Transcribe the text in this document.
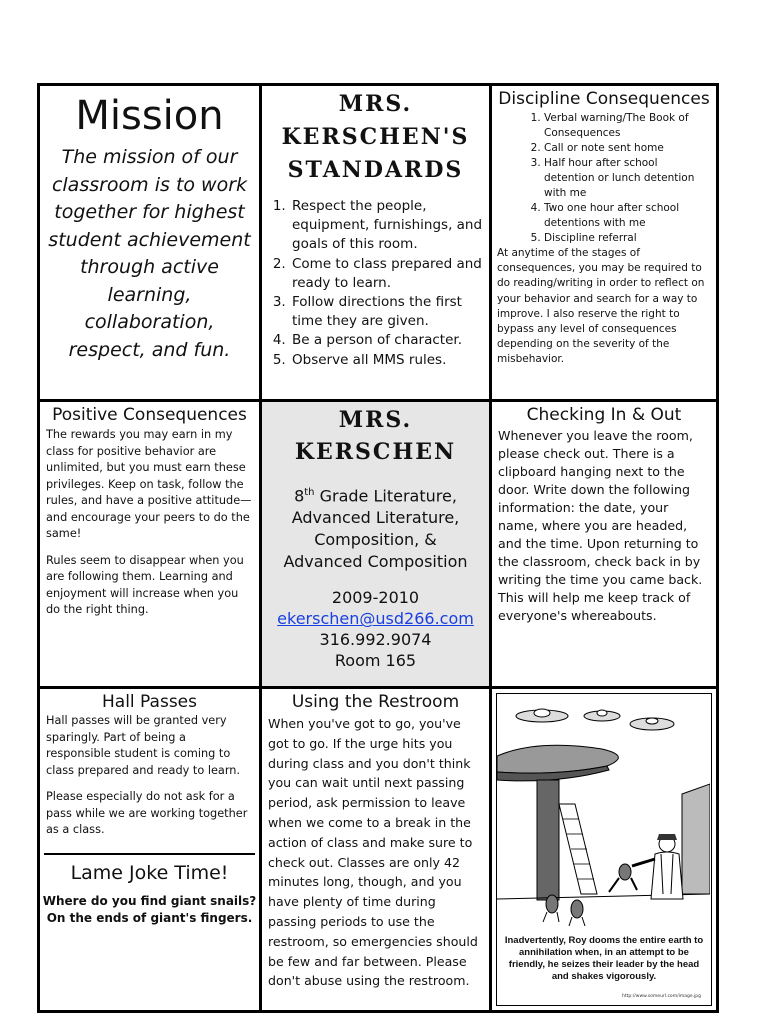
Mission
The mission of our classroom is to work together for highest student achievement through active learning, collaboration, respect, and fun.
MRS.
KERSCHEN'S
STANDARDS
1. Respect the people, equipment, furnishings, and goals of this room.
2. Come to class prepared and ready to learn.
3. Follow directions the first time they are given.
4. Be a person of character.
5. Observe all MMS rules.
Discipline Consequences
1. Verbal warning/The Book of Consequences
2. Call or note sent home
3. Half hour after school detention or lunch detention with me
4. Two one hour after school detentions with me
5. Discipline referral
At anytime of the stages of consequences, you may be required to do reading/writing in order to reflect on your behavior and search for a way to improve. I also reserve the right to bypass any level of consequences depending on the severity of the misbehavior.
Positive Consequences
The rewards you may earn in my class for positive behavior are unlimited, but you must earn these privileges. Keep on task, follow the rules, and have a positive attitude—and encourage your peers to do the same!
Rules seem to disappear when you are following them. Learning and enjoyment will increase when you do the right thing.
MRS.
KERSCHEN
8th Grade Literature,
Advanced Literature,
Composition, &
Advanced Composition
2009-2010
ekerschen@usd266.com
316.992.9074
Room 165
Checking In & Out
Whenever you leave the room, please check out. There is a clipboard hanging next to the door. Write down the following information: the date, your name, where you are headed, and the time. Upon returning to the classroom, check back in by writing the time you came back. This will help me keep track of everyone's whereabouts.
Hall Passes
Hall passes will be granted very sparingly. Part of being a responsible student is coming to class prepared and ready to learn.
Please especially do not ask for a pass while we are working together as a class.
Lame Joke Time!
Where do you find giant snails?
On the ends of giant's fingers.
Using the Restroom
When you've got to go, you've got to go. If the urge hits you during class and you don't think you can wait until next passing period, ask permission to leave when we come to a break in the action of class and make sure to check out. Classes are only 42 minutes long, though, and you have plenty of time during passing periods to use the restroom, so emergencies should be few and far between. Please don't abuse using the restroom.
Inadvertently, Roy dooms the entire earth to annihilation when, in an attempt to be friendly, he seizes their leader by the head and shakes vigorously.
http://www.someurl.com/image.jpg
